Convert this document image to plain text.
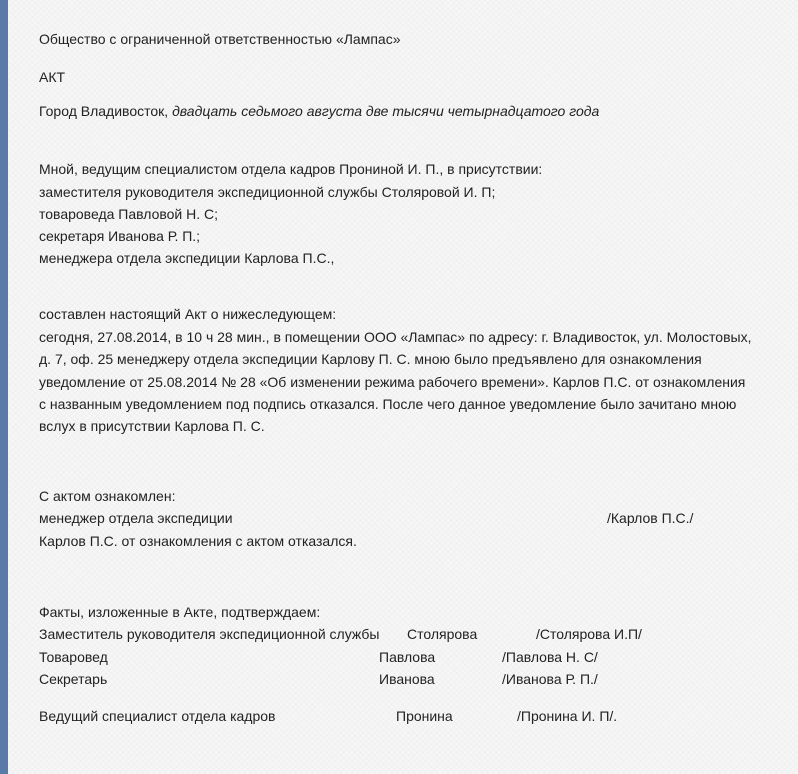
Общество с ограниченной ответственностью «Лампас»
АКТ
Город Владивосток, двадцать седьмого августа две тысячи четырнадцатого года
Мной, ведущим специалистом отдела кадров Прониной И. П., в присутствии:
заместителя руководителя экспедиционной службы Столяровой И. П;
товароведа Павловой Н. С;
секретаря Иванова Р. П.;
менеджера отдела экспедиции Карлова П.С.,
составлен настоящий Акт о нижеследующем:
сегодня, 27.08.2014, в 10 ч 28 мин., в помещении ООО «Лампас» по адресу: г. Владивосток, ул. Молостовых,
д. 7, оф. 25 менеджеру отдела экспедиции Карлову П. С. мною было предъявлено для ознакомления
уведомление от 25.08.2014 № 28 «Об изменении режима рабочего времени». Карлов П.С. от ознакомления
с названным уведомлением под подпись отказался. После чего данное уведомление было зачитано мною
вслух в присутствии Карлова П. С.
С актом ознакомлен:
менеджер отдела экспедиции	/Карлов П.С./
Карлов П.С. от ознакомления с актом отказался.
Факты, изложенные в Акте, подтверждаем:
Заместитель руководителя экспедиционной службы Столярова	/Столярова И.П/
Товаровед	Павлова	/Павлова Н. С/
Секретарь	Иванова	/Иванова Р. П./
Ведущий специалист отдела кадров	Пронина	/Пронина И. П/.
